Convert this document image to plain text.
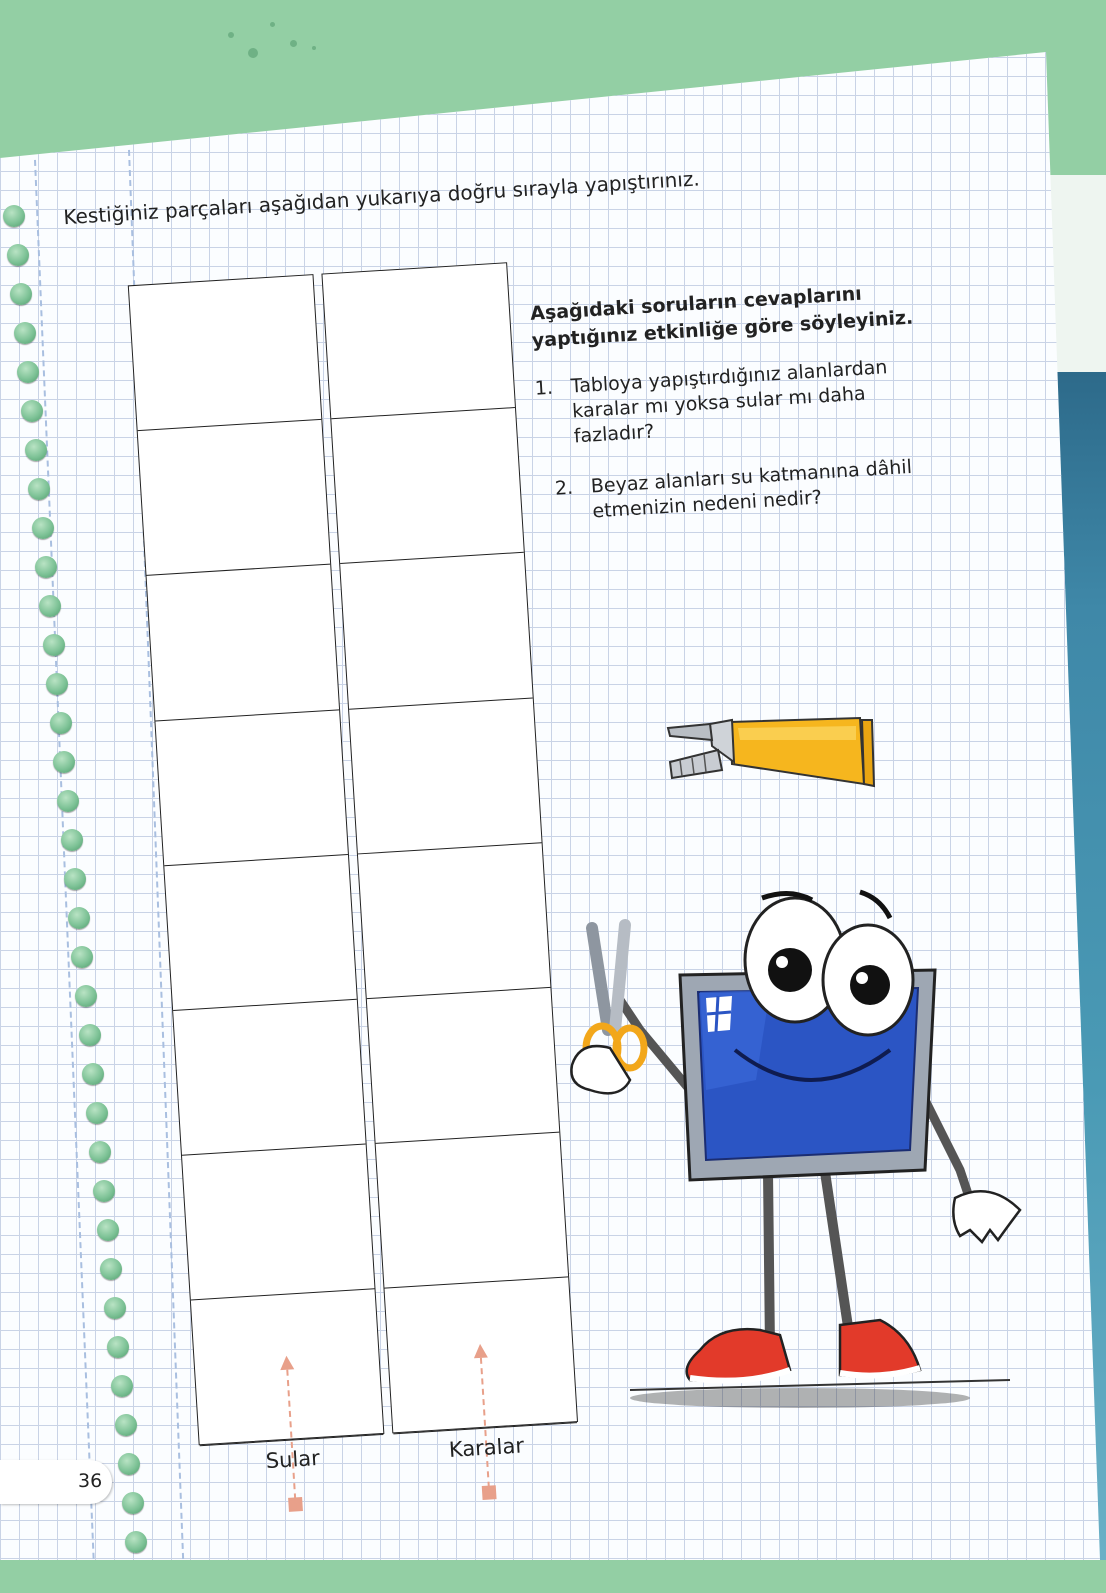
36
Kestiğiniz parçaları aşağıdan yukarıya doğru sırayla yapıştırınız.
Sular	Karalar
Aşağıdaki soruların cevaplarını yaptığınız etkinliğe göre söyleyiniz.
1. Tabloya yapıştırdığınız alanlardan karalar mı yoksa sular mı daha fazladır?
2. Beyaz alanları su katmanına dâhil etmenizin nedeni nedir?
